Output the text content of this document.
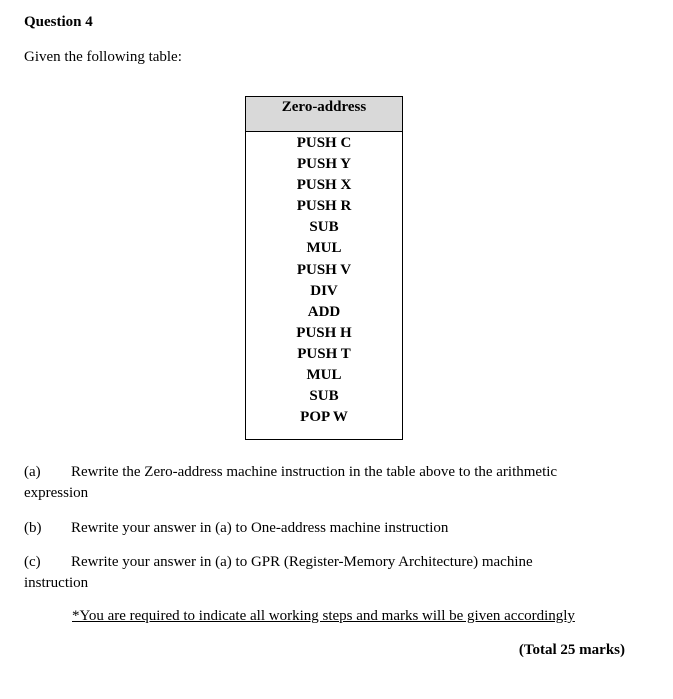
Question 4
Given the following table:
Zero-address
PUSH C
PUSH Y
PUSH X
PUSH R
SUB
MUL
PUSH V
DIV
ADD
PUSH H
PUSH T
MUL
SUB
POP W
(a) Rewrite the Zero-address machine instruction in the table above to the arithmetic
expression
(b) Rewrite your answer in (a) to One-address machine instruction
(c) Rewrite your answer in (a) to GPR (Register-Memory Architecture) machine
instruction
*You are required to indicate all working steps and marks will be given accordingly
(Total 25 marks)
